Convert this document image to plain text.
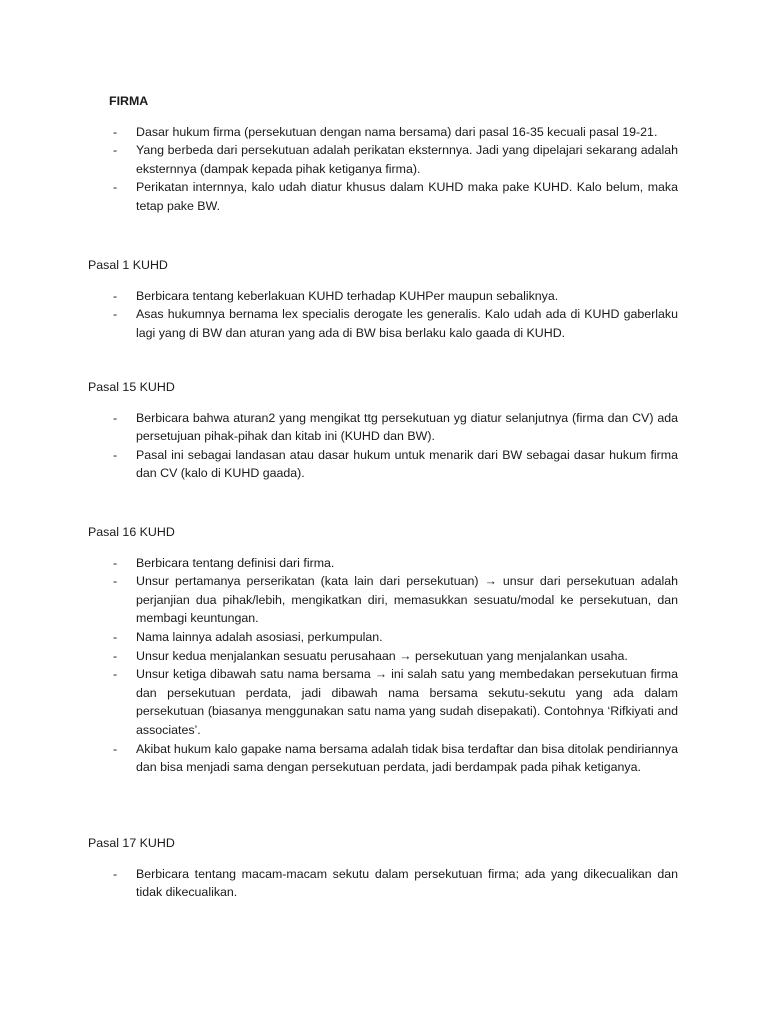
FIRMA

- Dasar hukum firma (persekutuan dengan nama bersama) dari pasal 16-35 kecuali pasal 19-21.
- Yang berbeda dari persekutuan adalah perikatan eksternnya. Jadi yang dipelajari sekarang adalah eksternnya (dampak kepada pihak ketiganya firma).
- Perikatan internnya, kalo udah diatur khusus dalam KUHD maka pake KUHD. Kalo belum, maka tetap pake BW.

Pasal 1 KUHD

- Berbicara tentang keberlakuan KUHD terhadap KUHPer maupun sebaliknya.
- Asas hukumnya bernama lex specialis derogate les generalis. Kalo udah ada di KUHD gaberlaku lagi yang di BW dan aturan yang ada di BW bisa berlaku kalo gaada di KUHD.

Pasal 15 KUHD

- Berbicara bahwa aturan2 yang mengikat ttg persekutuan yg diatur selanjutnya (firma dan CV) ada persetujuan pihak-pihak dan kitab ini (KUHD dan BW).
- Pasal ini sebagai landasan atau dasar hukum untuk menarik dari BW sebagai dasar hukum firma dan CV (kalo di KUHD gaada).

Pasal 16 KUHD

- Berbicara tentang definisi dari firma.
- Unsur pertamanya perserikatan (kata lain dari persekutuan) → unsur dari persekutuan adalah perjanjian dua pihak/lebih, mengikatkan diri, memasukkan sesuatu/modal ke persekutuan, dan membagi keuntungan.
- Nama lainnya adalah asosiasi, perkumpulan.
- Unsur kedua menjalankan sesuatu perusahaan → persekutuan yang menjalankan usaha.
- Unsur ketiga dibawah satu nama bersama → ini salah satu yang membedakan persekutuan firma dan persekutuan perdata, jadi dibawah nama bersama sekutu-sekutu yang ada dalam persekutuan (biasanya menggunakan satu nama yang sudah disepakati). Contohnya ‘Rifkiyati and associates’.
- Akibat hukum kalo gapake nama bersama adalah tidak bisa terdaftar dan bisa ditolak pendiriannya dan bisa menjadi sama dengan persekutuan perdata, jadi berdampak pada pihak ketiganya.

Pasal 17 KUHD

- Berbicara tentang macam-macam sekutu dalam persekutuan firma; ada yang dikecualikan dan tidak dikecualikan.
